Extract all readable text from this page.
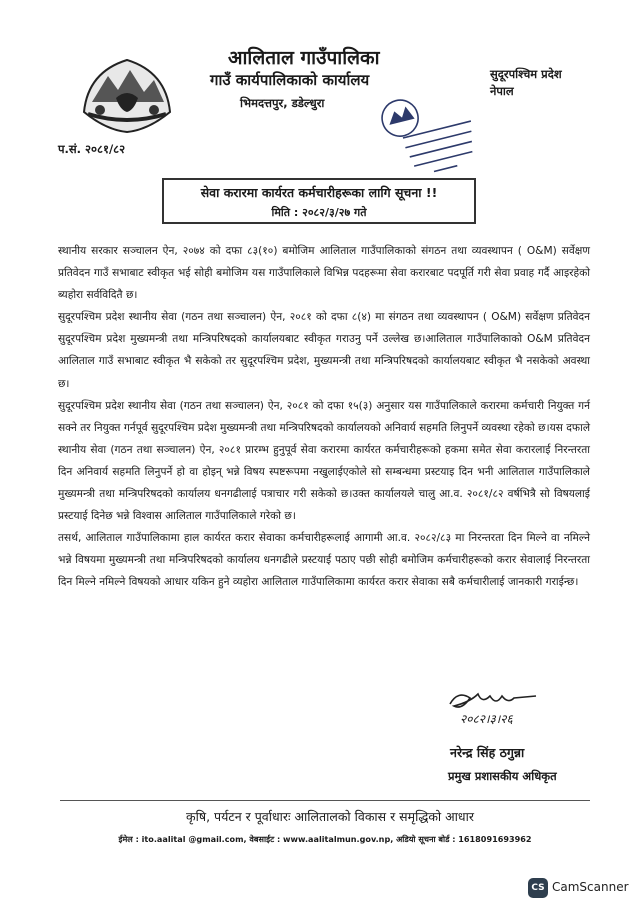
आलिताल गाउँपालिका
गाउँ कार्यपालिकाको कार्यालय
भिमदत्तपुर, डडेल्धुरा
सुदूरपश्चिम प्रदेश
नेपाल
प.सं. २०८१/८२
सेवा करारमा कार्यरत कर्मचारीहरूका लागि सूचना !!
मिति : २०८२/३/२७ गते

स्थानीय सरकार सञ्चालन ऐन, २०७४ को दफा ८३(१०) बमोजिम आलिताल गाउँपालिकाको संगठन तथा व्यवस्थापन ( O&M) सर्वेक्षण प्रतिवेदन गाउँ सभाबाट स्वीकृत भई सोही बमोजिम यस गाउँपालिकाले विभिन्न पदहरूमा सेवा करारबाट पदपूर्ति गरी सेवा प्रवाह गर्दै आइरहेको ब्यहोरा सर्वविदितै छ।

सुदूरपश्चिम प्रदेश स्थानीय सेवा (गठन तथा सञ्चालन) ऐन, २०८१ को दफा ८(४) मा संगठन तथा व्यवस्थापन ( O&M) सर्वेक्षण प्रतिवेदन सुदूरपश्चिम प्रदेश मुख्यमन्त्री तथा मन्त्रिपरिषदको कार्यालयबाट स्वीकृत गराउनु पर्ने उल्लेख छ।आलिताल गाउँपालिकाको O&M प्रतिवेदन आलिताल गाउँ सभाबाट स्वीकृत भै सकेको तर सुदूरपश्चिम प्रदेश, मुख्यमन्त्री तथा मन्त्रिपरिषदको कार्यालयबाट स्वीकृत भै नसकेको अवस्था छ।

सुदूरपश्चिम प्रदेश स्थानीय सेवा (गठन तथा सञ्चालन) ऐन, २०८१ को दफा १५(३) अनुसार यस गाउँपालिकाले करारमा कर्मचारी नियुक्त गर्न सक्ने तर नियुक्त गर्नपूर्व सुदूरपश्चिम प्रदेश मुख्यमन्त्री तथा मन्त्रिपरिषदको कार्यालयको अनिवार्य सहमति लिनुपर्ने व्यवस्था रहेको छ।यस दफाले स्थानीय सेवा (गठन तथा सञ्चालन) ऐन, २०८१ प्रारम्भ हुनुपूर्व सेवा करारमा कार्यरत कर्मचारीहरूको हकमा समेत सेवा करारलाई निरन्तरता दिन अनिवार्य सहमति लिनुपर्ने हो वा होइन् भन्ने विषय स्पष्टरूपमा नखुलाईएकोले सो सम्बन्धमा प्रस्टयाइ दिन भनी आलिताल गाउँपालिकाले मुख्यमन्त्री तथा मन्त्रिपरिषदको कार्यालय धनगढीलाई पत्राचार गरी सकेको छ।उक्त कार्यालयले चालु आ.व. २०८१/८२ वर्षभित्रै सो विषयलाई प्रस्टयाई दिनेछ भन्ने विश्वास आलिताल गाउँपालिकाले गरेको छ।

तसर्थ, आलिताल गाउँपालिकामा हाल कार्यरत करार सेवाका कर्मचारीहरूलाई आगामी आ.व. २०८२/८३ मा निरन्तरता दिन मिल्ने वा नमिल्ने भन्ने विषयमा मुख्यमन्त्री तथा मन्त्रिपरिषदको कार्यालय धनगढीले प्रस्टयाई पठाए पछी सोही बमोजिम कर्मचारीहरूको करार सेवालाई निरन्तरता दिन मिल्ने नमिल्ने विषयको आधार यकिन हुने व्यहोरा आलिताल गाउँपालिकामा कार्यरत करार सेवाका सबै कर्मचारीलाई जानकारी गराईन्छ।

२०८२।३।२६
नरेन्द्र सिंह ठगुन्ना
प्रमुख प्रशासकीय अधिकृत
कृषि, पर्यटन र पूर्वाधारः आलितालको विकास र समृद्धिको आधार
ईमेल : ito.aalital @gmail.com, वेबसाईट : www.aalitalmun.gov.np, अडियो सूचना बोर्ड : 1618091693962
CS CamScanner
